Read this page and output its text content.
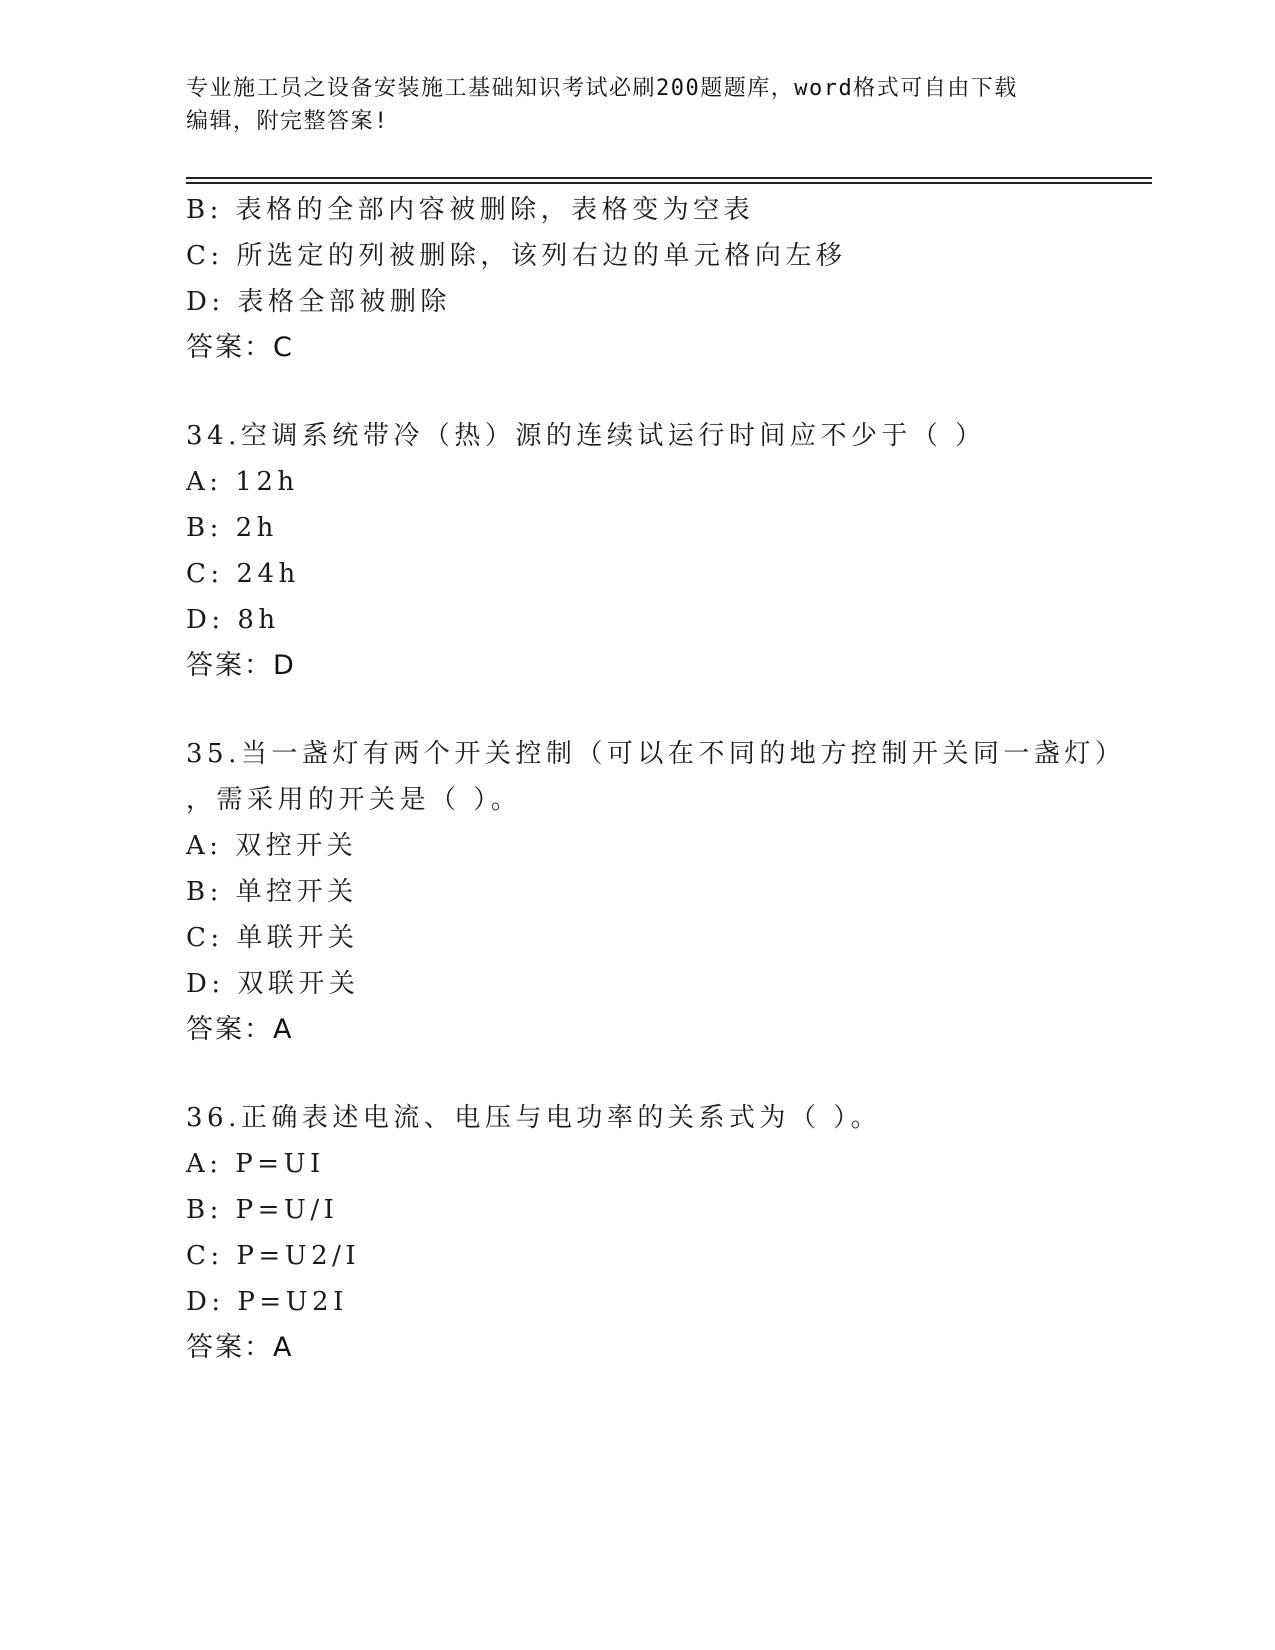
专业施工员之设备安装施工基础知识考试必刷200题题库，word格式可自由下载
编辑，附完整答案!
B: 表格的全部内容被删除，表格变为空表
C: 所选定的列被删除，该列右边的单元格向左移
D: 表格全部被删除
答案：C
34.空调系统带冷（热）源的连续试运行时间应不少于（ ）
A: 12h
B: 2h
C: 24h
D: 8h
答案：D
35.当一盏灯有两个开关控制（可以在不同的地方控制开关同一盏灯）
，需采用的开关是（ ）。
A: 双控开关
B: 单控开关
C: 单联开关
D: 双联开关
答案：A
36.正确表述电流、电压与电功率的关系式为（ ）。
A: P=UI
B: P=U/I
C: P=U2/I
D: P=U2I
答案：A
